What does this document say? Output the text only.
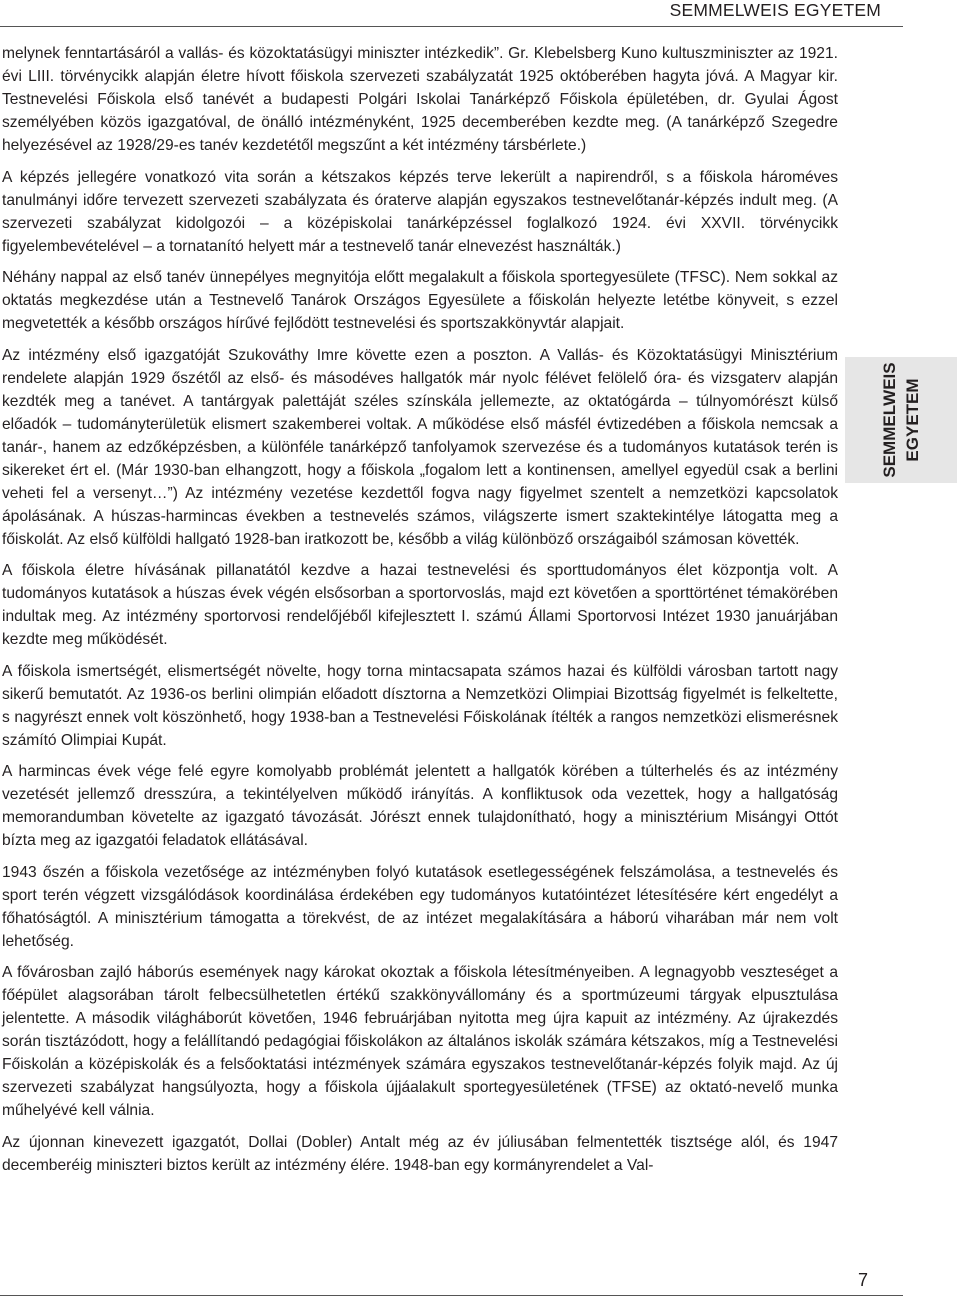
SEMMELWEIS EGYETEM

melynek fenntartásáról a vallás- és közoktatásügyi miniszter intézkedik”. Gr. Klebelsberg Kuno kultuszminiszter az 1921. évi LIII. törvénycikk alapján életre hívott főiskola szervezeti szabályzatát 1925 októberében hagyta jóvá. A Magyar kir. Testnevelési Főiskola első tanévét a budapesti Polgári Iskolai Tanárképző Főiskola épületében, dr. Gyulai Ágost személyében közös igazgatóval, de önálló intézményként, 1925 decemberében kezdte meg. (A tanárképző Szegedre helyezésével az 1928/29-es tanév kezdetétől megszűnt a két intézmény társbérlete.)

A képzés jellegére vonatkozó vita során a kétszakos képzés terve lekerült a napirendről, s a főiskola hároméves tanulmányi időre tervezett szervezeti szabályzata és óraterve alapján egyszakos testnevelőtanár-képzés indult meg. (A szervezeti szabályzat kidolgozói – a középiskolai tanárképzéssel foglalkozó 1924. évi XXVII. törvénycikk figyelembevételével – a tornatanító helyett már a testnevelő tanár elnevezést használták.)

Néhány nappal az első tanév ünnepélyes megnyitója előtt megalakult a főiskola sportegyesülete (TFSC). Nem sokkal az oktatás megkezdése után a Testnevelő Tanárok Országos Egyesülete a főiskolán helyezte letétbe könyveit, s ezzel megvetették a később országos hírűvé fejlődött testnevelési és sportszakkönyvtár alapjait.

Az intézmény első igazgatóját Szukováthy Imre követte ezen a poszton. A Vallás- és Közoktatásügyi Minisztérium rendelete alapján 1929 őszétől az első- és másodéves hallgatók már nyolc félévet felölelő óra- és vizsgaterv alapján kezdték meg a tanévet. A tantárgyak palettáját széles színskála jellemezte, az oktatógárda – túlnyomórészt külső előadók – tudományterületük elismert szakemberei voltak. A működése első másfél évtizedében a főiskola nemcsak a tanár-, hanem az edzőképzésben, a különféle tanárképző tanfolyamok szervezése és a tudományos kutatások terén is sikereket ért el. (Már 1930-ban elhangzott, hogy a főiskola „fogalom lett a kontinensen, amellyel egyedül csak a berlini veheti fel a versenyt…”) Az intézmény vezetése kezdettől fogva nagy figyelmet szentelt a nemzetközi kapcsolatok ápolásának. A húszas-harmincas években a testnevelés számos, világszerte ismert szaktekintélye látogatta meg a főiskolát. Az első külföldi hallgató 1928-ban iratkozott be, később a világ különböző országaiból számosan követték.

A főiskola életre hívásának pillanatától kezdve a hazai testnevelési és sporttudományos élet központja volt. A tudományos kutatások a húszas évek végén elsősorban a sportorvoslás, majd ezt követően a sporttörténet témakörében indultak meg. Az intézmény sportorvosi rendelőjéből kifejlesztett I. számú Állami Sportorvosi Intézet 1930 januárjában kezdte meg működését.

A főiskola ismertségét, elismertségét növelte, hogy torna mintacsapata számos hazai és külföldi városban tartott nagy sikerű bemutatót. Az 1936-os berlini olimpián előadott dísztorna a Nemzetközi Olimpiai Bizottság figyelmét is felkeltette, s nagyrészt ennek volt köszönhető, hogy 1938-ban a Testnevelési Főiskolának ítélték a rangos nemzetközi elismerésnek számító Olimpiai Kupát.

A harmincas évek vége felé egyre komolyabb problémát jelentett a hallgatók körében a túlterhelés és az intézmény vezetését jellemző dresszúra, a tekintélyelven működő irányítás. A konfliktusok oda vezettek, hogy a hallgatóság memorandumban követelte az igazgató távozását. Jórészt ennek tulajdonítható, hogy a minisztérium Misángyi Ottót bízta meg az igazgatói feladatok ellátásával.

1943 őszén a főiskola vezetősége az intézményben folyó kutatások esetlegességének felszámolása, a testnevelés és sport terén végzett vizsgálódások koordinálása érdekében egy tudományos kutatóintézet létesítésére kért engedélyt a főhatóságtól. A minisztérium támogatta a törekvést, de az intézet megalakítására a háború viharában már nem volt lehetőség.

A fővárosban zajló háborús események nagy károkat okoztak a főiskola létesítményeiben. A legnagyobb veszteséget a főépület alagsorában tárolt felbecsülhetetlen értékű szakkönyvállomány és a sportmúzeumi tárgyak elpusztulása jelentette. A második világháborút követően, 1946 februárjában nyitotta meg újra kapuit az intézmény. Az újrakezdés során tisztázódott, hogy a felállítandó pedagógiai főiskolákon az általános iskolák számára kétszakos, míg a Testnevelési Főiskolán a középiskolák és a felsőoktatási intézmények számára egyszakos testnevelőtanár-képzés folyik majd. Az új szervezeti szabályzat hangsúlyozta, hogy a főiskola újjáalakult sportegyesületének (TFSE) az oktató-nevelő munka műhelyévé kell válnia.

Az újonnan kinevezett igazgatót, Dollai (Dobler) Antalt még az év júliusában felmentették tisztsége alól, és 1947 decemberéig miniszteri biztos került az intézmény élére. 1948-ban egy kormányrendelet a Val-

SEMMELWEIS EGYETEM
7
